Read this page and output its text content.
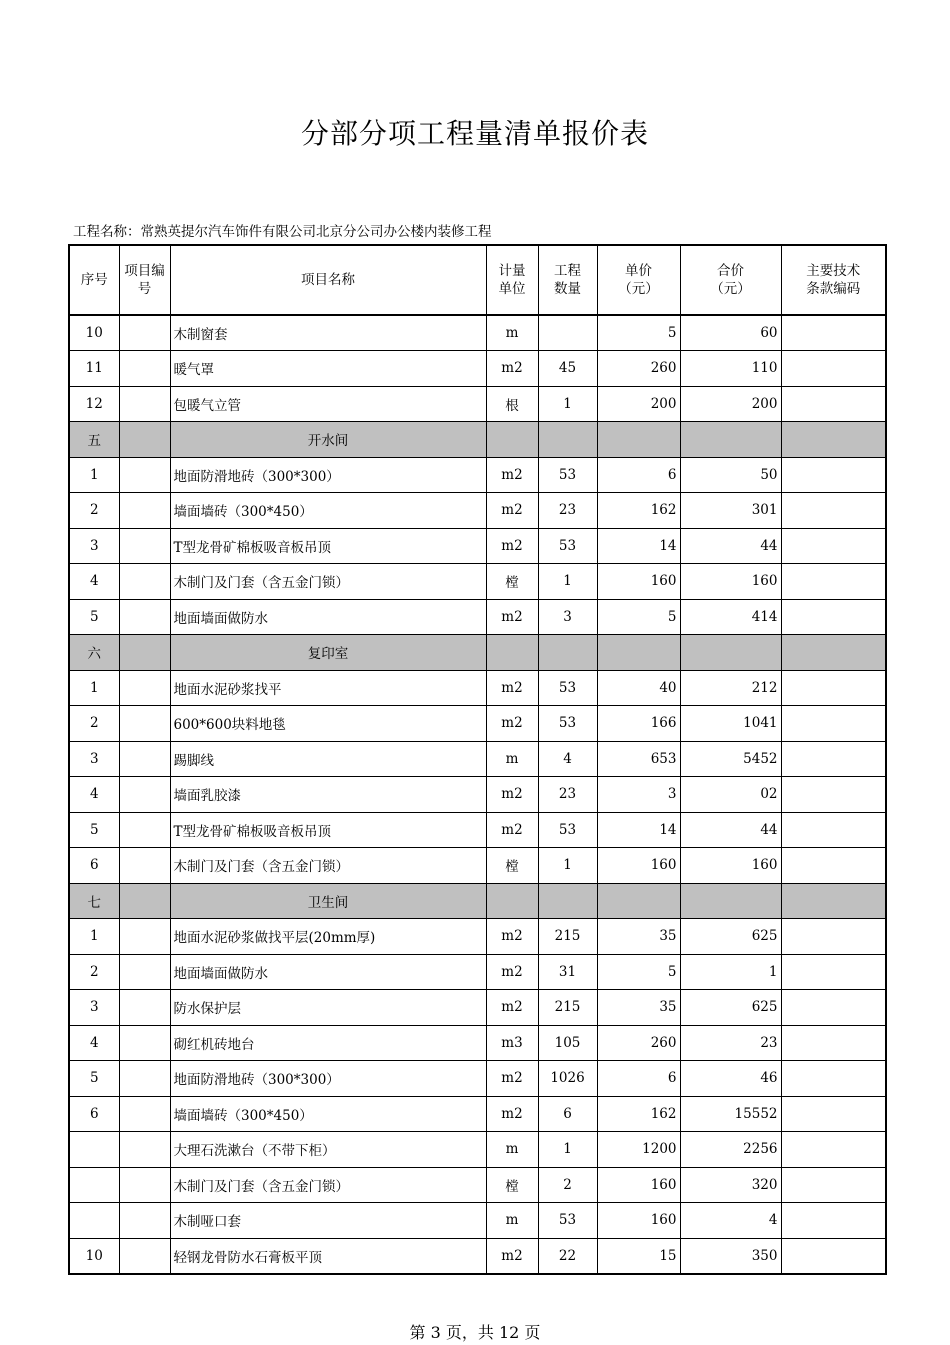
分部分项工程量清单报价表
工程名称：常熟英提尔汽车饰件有限公司北京分公司办公楼内装修工程
序号	项目编
号	项目名称	计量
单位	工程
数量	单价
（元）	合价
（元）	主要技术
条款编码

10		木制窗套	m		5	60	
11		暖气罩	m2	45	260	110	
12		包暖气立管	根	1	200	200	
五		开水间					
1		地面防滑地砖（300*300）	m2	53	6	50	
2		墙面墙砖（300*450）	m2	23	162	301	
3		T型龙骨矿棉板吸音板吊顶	m2	53	14	44	
4		木制门及门套（含五金门锁）	樘	1	160	160	
5		地面墙面做防水	m2	3	5	414	
六		复印室					
1		地面水泥砂浆找平	m2	53	40	212	
2		600*600块料地毯	m2	53	166	1041	
3		踢脚线	m	4	653	5452	
4		墙面乳胶漆	m2	23	3	02	
5		T型龙骨矿棉板吸音板吊顶	m2	53	14	44	
6		木制门及门套（含五金门锁）	樘	1	160	160	
七		卫生间					
1		地面水泥砂浆做找平层(20mm厚)	m2	215	35	625	
2		地面墙面做防水	m2	31	5	1	
3		防水保护层	m2	215	35	625	
4		砌红机砖地台	m3	105	260	23	
5		地面防滑地砖（300*300）	m2	1026	6	46	
6		墙面墙砖（300*450）	m2	6	162	15552	
		大理石洗漱台（不带下柜）	m	1	1200	2256	
		木制门及门套（含五金门锁）	樘	2	160	320	
		木制哑口套	m	53	160	4	
10		轻钢龙骨防水石膏板平顶	m2	22	15	350	
第 3 页，共 12 页
